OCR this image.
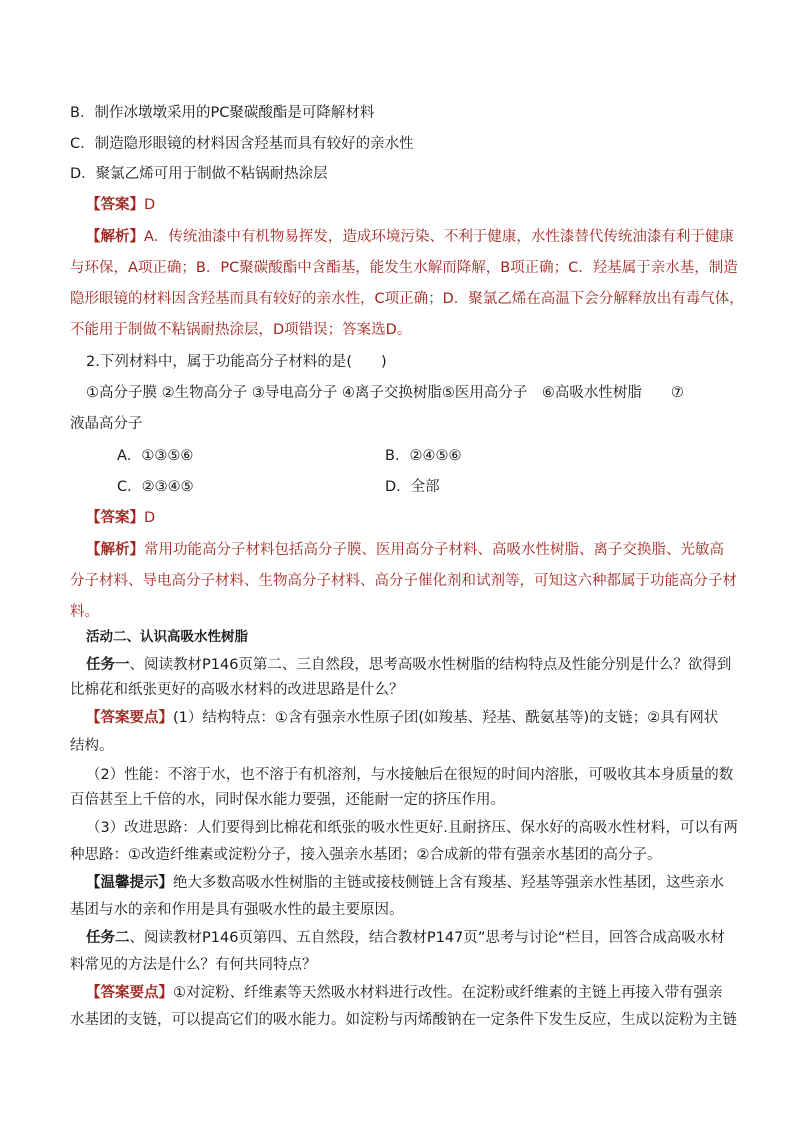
B．制作冰墩墩采用的PC聚碳酸酯是可降解材料
C．制造隐形眼镜的材料因含羟基而具有较好的亲水性
D．聚氯乙烯可用于制做不粘锅耐热涂层
【答案】D
【解析】A．传统油漆中有机物易挥发，造成环境污染、不利于健康，水性漆替代传统油漆有利于健康
与环保，A项正确；B．PC聚碳酸酯中含酯基，能发生水解而降解，B项正确；C．羟基属于亲水基，制造
隐形眼镜的材料因含羟基而具有较好的亲水性，C项正确；D．聚氯乙烯在高温下会分解释放出有毒气体，
不能用于制做不粘锅耐热涂层，D项错误；答案选D。
2.下列材料中，属于功能高分子材料的是(　　)
①高分子膜 ②生物高分子 ③导电高分子 ④离子交换树脂⑤医用高分子　⑥高吸水性树脂　　⑦
液晶高分子
A．①③⑤⑥	B．②④⑤⑥
C．②③④⑤	D．全部
【答案】D
【解析】常用功能高分子材料包括高分子膜、医用高分子材料、高吸水性树脂、离子交换脂、光敏高
分子材料、导电高分子材料、生物高分子材料、高分子催化剂和试剂等，可知这六种都属于功能高分子材
料。
活动二、认识高吸水性树脂
任务一、阅读教材P146页第二、三自然段，思考高吸水性树脂的结构特点及性能分别是什么？欲得到
比棉花和纸张更好的高吸水材料的改进思路是什么？
【答案要点】(1）结构特点：①含有强亲水性原子团(如羧基、羟基、酰氨基等)的支链；②具有网状
结构。
（2）性能：不溶于水，也不溶于有机溶剂，与水接触后在很短的时间内溶胀，可吸收其本身质量的数
百倍甚至上千倍的水，同时保水能力要强，还能耐一定的挤压作用。
（3）改进思路：人们要得到比棉花和纸张的吸水性更好.且耐挤压、保水好的高吸水性材料，可以有两
种思路：①改造纤维素或淀粉分子，接入强亲水基团；②合成新的带有强亲水基团的高分子。
【温馨提示】绝大多数高吸水性树脂的主链或接枝侧链上含有羧基、羟基等强亲水性基团，这些亲水
基团与水的亲和作用是具有强吸水性的最主要原因。
任务二、阅读教材P146页第四、五自然段，结合教材P147页”思考与讨论“栏目，回答合成高吸水材
料常见的方法是什么？有何共同特点？
【答案要点】①对淀粉、纤维素等天然吸水材料进行改性。在淀粉或纤维素的主链上再接入带有强亲
水基团的支链，可以提高它们的吸水能力。如淀粉与丙烯酸钠在一定条件下发生反应，生成以淀粉为主链
